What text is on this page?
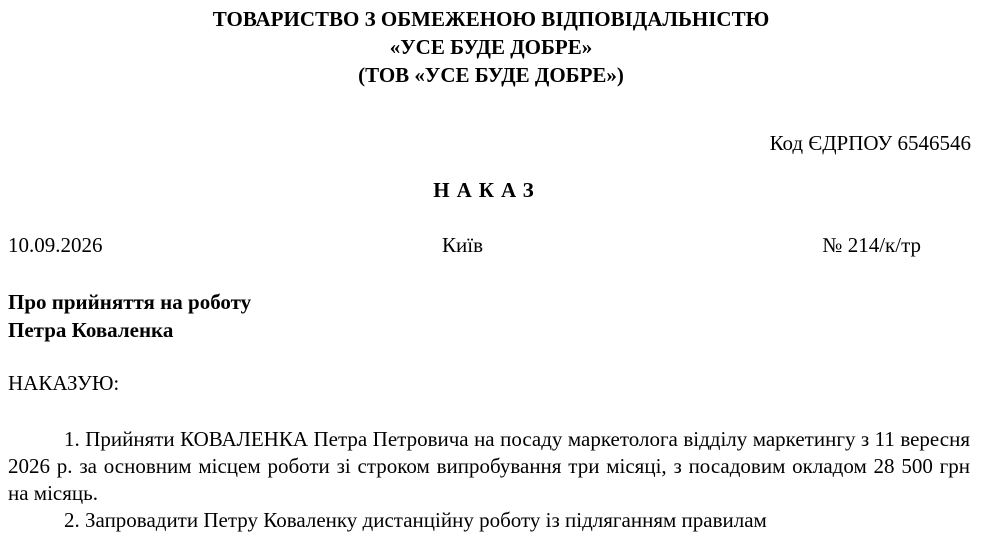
ТОВАРИСТВО З ОБМЕЖЕНОЮ ВІДПОВІДАЛЬНІСТЮ
«УСЕ БУДЕ ДОБРЕ»
(ТОВ «УСЕ БУДЕ ДОБРЕ»)
Код ЄДРПОУ 6546546
НАКАЗ
10.09.2026	Київ	№ 214/к/тр
Про прийняття на роботу
Петра Коваленка
НАКАЗУЮ:

1. Прийняти КОВАЛЕНКА Петра Петровича на посаду маркетолога відділу маркетингу з 11 вересня 2026 р. за основним місцем роботи зі строком випробування три місяці, з посадовим окладом 28 500 грн на місяць.

2. Запровадити Петру Коваленку дистанційну роботу із підляганням правилам
